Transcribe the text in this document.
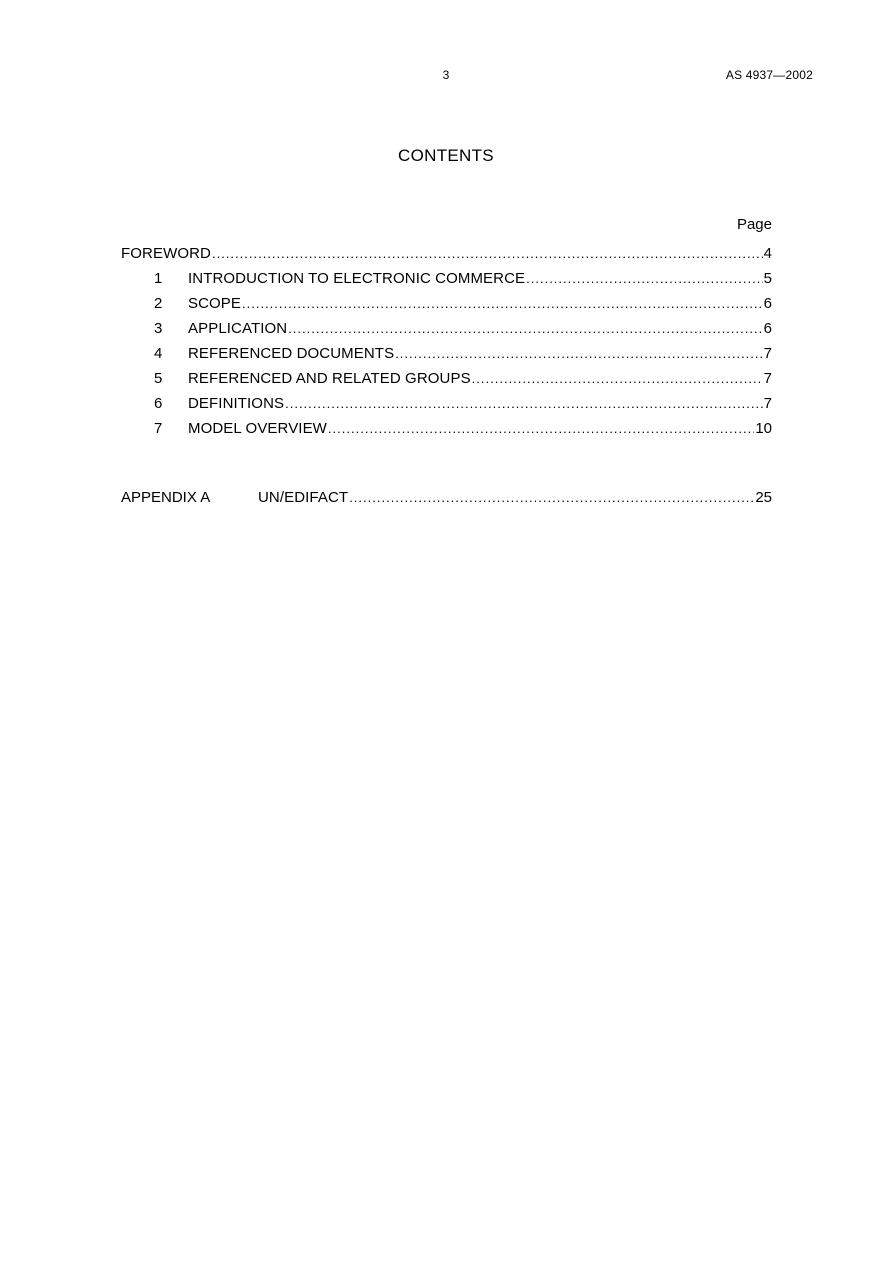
3	AS 4937—2002
CONTENTS
Page
FOREWORD .....	4
1	INTRODUCTION TO ELECTRONIC COMMERCE .....	5
2	SCOPE .....	6
3	APPLICATION .....	6
4	REFERENCED DOCUMENTS .....	7
5	REFERENCED AND RELATED GROUPS .....	7
6	DEFINITIONS .....	7
7	MODEL OVERVIEW .....	10
APPENDIX A	UN/EDIFACT .....	25
